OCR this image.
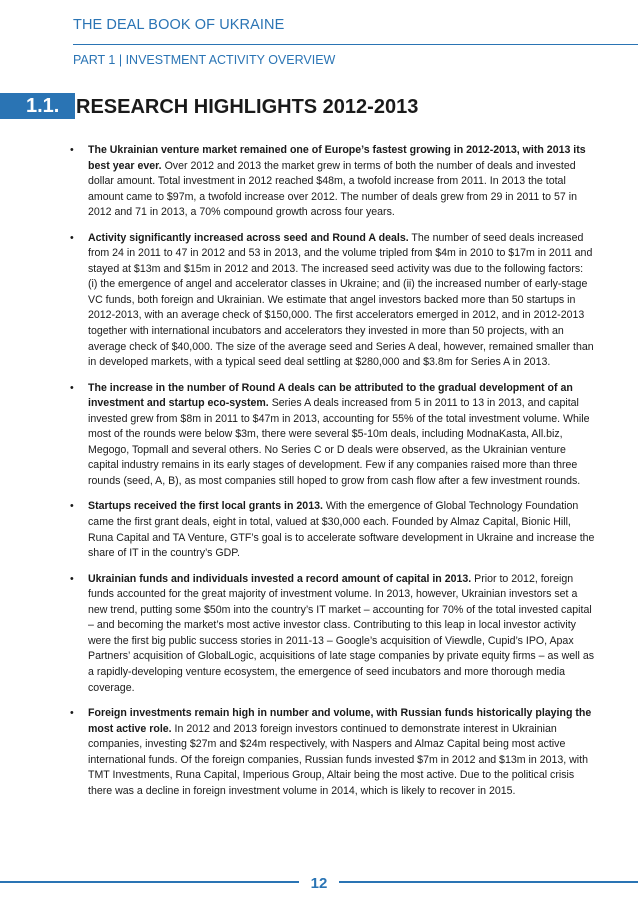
THE DEAL BOOK OF UKRAINE
PART 1 | INVESTMENT ACTIVITY OVERVIEW
1.1. RESEARCH HIGHLIGHTS 2012-2013
• The Ukrainian venture market remained one of Europe’s fastest growing in 2012-2013, with 2013 its best year ever. Over 2012 and 2013 the market grew in terms of both the number of deals and invested dollar amount. Total investment in 2012 reached $48m, a twofold increase from 2011. In 2013 the total amount came to $97m, a twofold increase over 2012. The number of deals grew from 29 in 2011 to 57 in 2012 and 71 in 2013, a 70% compound growth across four years.
• Activity significantly increased across seed and Round A deals. The number of seed deals increased from 24 in 2011 to 47 in 2012 and 53 in 2013, and the volume tripled from $4m in 2010 to $17m in 2011 and stayed at $13m and $15m in 2012 and 2013. The increased seed activity was due to the following factors: (i) the emergence of angel and accelerator classes in Ukraine; and (ii) the increased number of early-stage VC funds, both foreign and Ukrainian. We estimate that angel investors backed more than 50 startups in 2012-2013, with an average check of $150,000. The first accelerators emerged in 2012, and in 2012-2013 together with international incubators and accelerators they invested in more than 50 projects, with an average check of $40,000. The size of the average seed and Series A deal, however, remained smaller than in developed markets, with a typical seed deal settling at $280,000 and $3.8m for Series A in 2013.
• The increase in the number of Round A deals can be attributed to the gradual development of an investment and startup eco-system. Series A deals increased from 5 in 2011 to 13 in 2013, and capital invested grew from $8m in 2011 to $47m in 2013, accounting for 55% of the total investment volume. While most of the rounds were below $3m, there were several $5-10m deals, including ModnaKasta, All.biz, Megogo, Topmall and several others. No Series C or D deals were observed, as the Ukrainian venture capital industry remains in its early stages of development. Few if any companies raised more than three rounds (seed, A, B), as most companies still hoped to grow from cash flow after a few investment rounds.
• Startups received the first local grants in 2013. With the emergence of Global Technology Foundation came the first grant deals, eight in total, valued at $30,000 each. Founded by Almaz Capital, Bionic Hill, Runa Capital and TA Venture, GTF’s goal is to accelerate software development in Ukraine and increase the share of IT in the country’s GDP.
• Ukrainian funds and individuals invested a record amount of capital in 2013. Prior to 2012, foreign funds accounted for the great majority of investment volume. In 2013, however, Ukrainian investors set a new trend, putting some $50m into the country’s IT market – accounting for 70% of the total invested capital – and becoming the market’s most active investor class. Contributing to this leap in local investor activity were the first big public success stories in 2011-13 – Google’s acquisition of Viewdle, Cupid’s IPO, Apax Partners’ acquisition of GlobalLogic, acquisitions of late stage companies by private equity firms – as well as a rapidly-developing venture ecosystem, the emergence of seed incubators and more thorough media coverage.
• Foreign investments remain high in number and volume, with Russian funds historically playing the most active role. In 2012 and 2013 foreign investors continued to demonstrate interest in Ukrainian companies, investing $27m and $24m respectively, with Naspers and Almaz Capital being most active international funds. Of the foreign companies, Russian funds invested $7m in 2012 and $13m in 2013, with TMT Investments, Runa Capital, Imperious Group, Altair being the most active. Due to the political crisis there was a decline in foreign investment volume in 2014, which is likely to recover in 2015.
12
